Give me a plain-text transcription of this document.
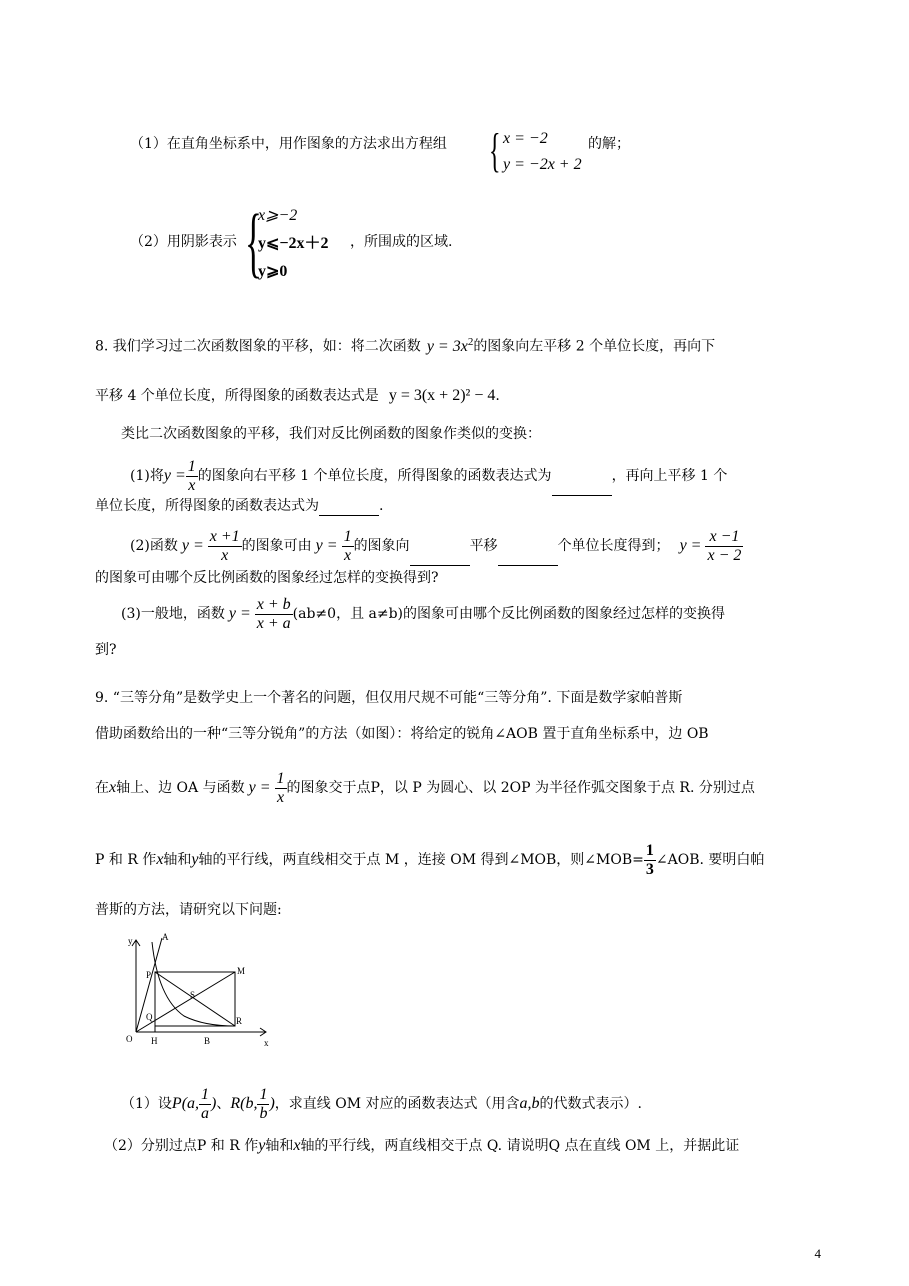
（1）在直角坐标系中，用作图象的方法求出方程组 { x = −2
y = −2x + 2
的解；
（2）用阴影表示 {
x⩾−2
y⩽−2x＋2
y⩾0
，所围成的区域.
8. 我们学习过二次函数图象的平移，如：将二次函数 $y = 3x^2$的图象向左平移 2 个单位长度，再向下
平移 4 个单位长度，所得图象的函数表达式是 y = 3(x + 2)² − 4.
类比二次函数图象的平移，我们对反比例函数的图象作类似的变换：
(1)将$y = \frac{1}{x}$ 的图象向右平移 1 个单位长度，所得图象的函数表达式为	，再向上平移 1 个
单位长度，所得图象的函数表达式为	.
(2)函数 $y = \frac{x +1}{x}$ 的图象可由 $y = \frac{1}{x}$ 的图象向	平移	个单位长度得到； $y = \frac{x -1}{x - 2}$
的图象可由哪个反比例函数的图象经过怎样的变换得到?
(3)一般地，函数 $y = \frac{x + b}{x + a} (ab\ne 0$，且 a≠b)的图象可由哪个反比例函数的图象经过怎样的变换得
到?
9. “三等分角”是数学史上一个著名的问题，但仅用尺规不可能“三等分角”. 下面是数学家帕普斯
借助函数给出的一种“三等分锐角”的方法（如图）：将给定的锐角∠AOB 置于直角坐标系中，边 OB
在x轴上、边 OA 与函数 $y = \frac{1}{x}$ 的图象交于点P，以 P 为圆心、以 2OP 为半径作弧交图象于点 R. 分别过点
P 和 R 作x轴和y轴的平行线，两直线相交于点 M ，连接 OM 得到∠MOB，则∠MOB= $\frac{1}{3}$ ∠AOB. 要明白帕
普斯的方法，请研究以下问题:
y	A
P	M
S
Q	R
O H	B	x
（1）设P(a, $\frac{1}{a}$ )、R(b, $\frac{1}{b}$ )，求直线 OM 对应的函数表达式（用含a,b的代数式表示）.
（2）分别过点P 和 R 作y轴和x轴的平行线，两直线相交于点 Q. 请说明Q 点在直线 OM 上，并据此证
4
